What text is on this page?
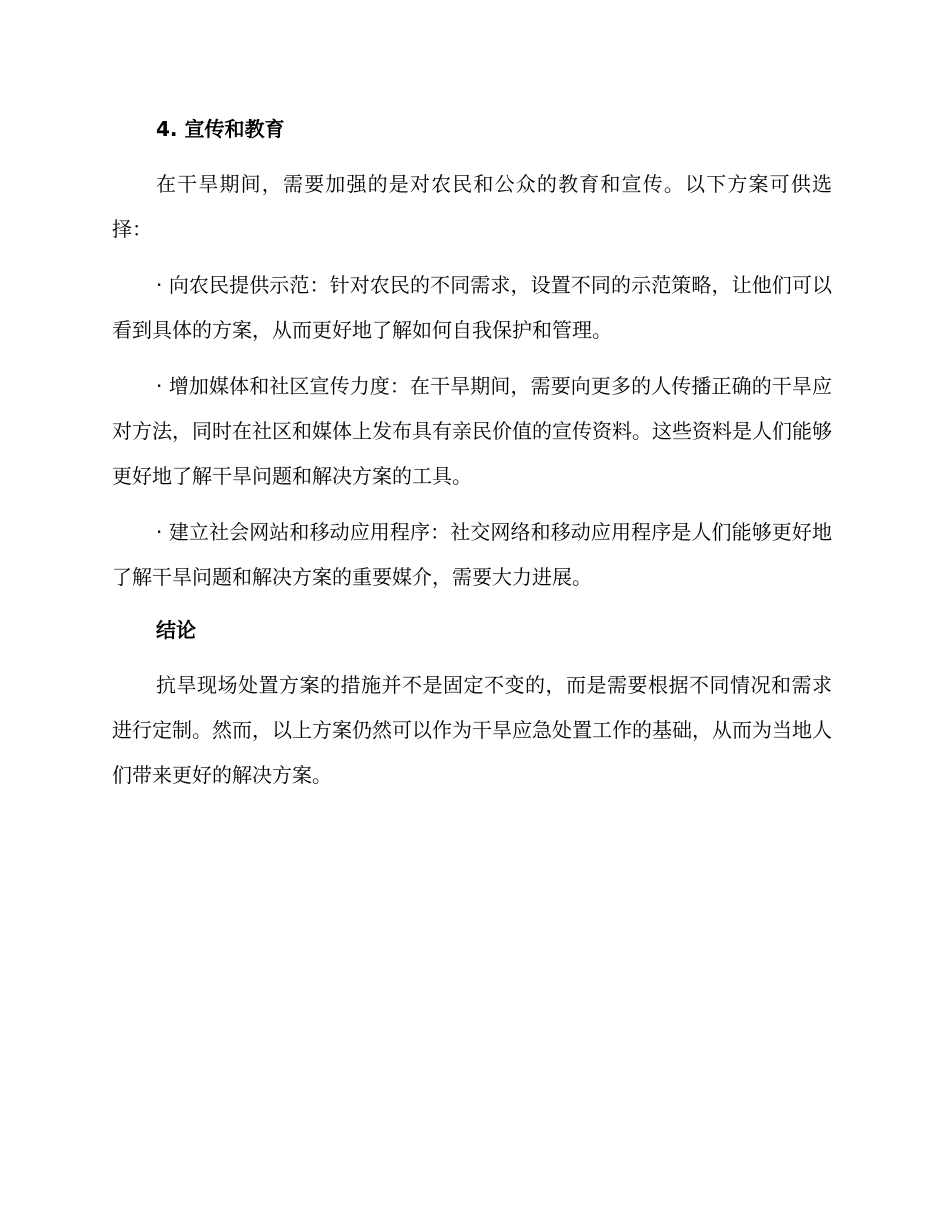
4. 宣传和教育

在干旱期间，需要加强的是对农民和公众的教育和宣传。以下方案可供选择：

· 向农民提供示范：针对农民的不同需求，设置不同的示范策略，让他们可以看到具体的方案，从而更好地了解如何自我保护和管理。

· 增加媒体和社区宣传力度：在干旱期间，需要向更多的人传播正确的干旱应对方法，同时在社区和媒体上发布具有亲民价值的宣传资料。这些资料是人们能够更好地了解干旱问题和解决方案的工具。

· 建立社会网站和移动应用程序：社交网络和移动应用程序是人们能够更好地了解干旱问题和解决方案的重要媒介，需要大力进展。

结论

抗旱现场处置方案的措施并不是固定不变的，而是需要根据不同情况和需求进行定制。然而，以上方案仍然可以作为干旱应急处置工作的基础，从而为当地人们带来更好的解决方案。
